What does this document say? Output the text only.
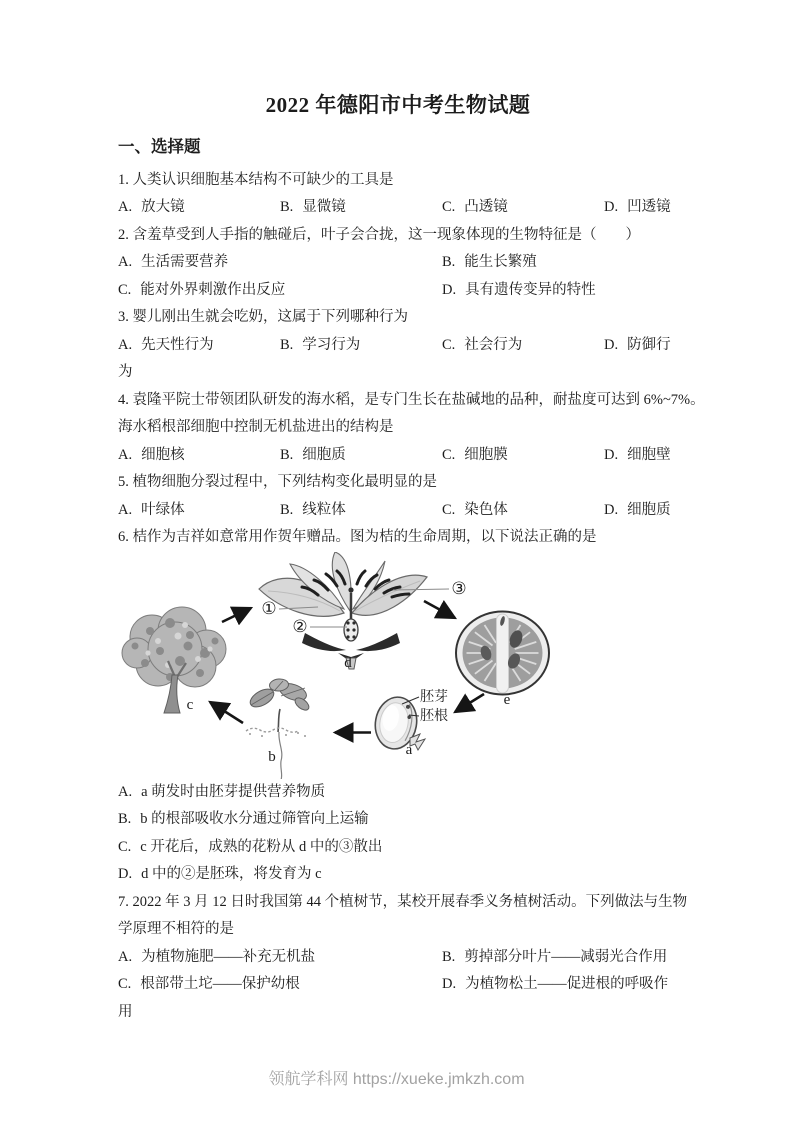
2022 年德阳市中考生物试题
一、选择题
1. 人类认识细胞基本结构不可缺少的工具是
A. 放大镜	B. 显微镜	C. 凸透镜	D. 凹透镜
2. 含羞草受到人手指的触碰后，叶子会合拢，这一现象体现的生物特征是（　　）
A. 生活需要营养	B. 能生长繁殖
C. 能对外界刺激作出反应	D. 具有遗传变异的特性
3. 婴儿刚出生就会吃奶，这属于下列哪种行为
A. 先天性行为	B. 学习行为	C. 社会行为	D. 防御行
为
4. 袁隆平院士带领团队研发的海水稻，是专门生长在盐碱地的品种，耐盐度可达到 6%~7%。
海水稻根部细胞中控制无机盐进出的结构是
A. 细胞核	B. 细胞质	C. 细胞膜	D. 细胞壁
5. 植物细胞分裂过程中，下列结构变化最明显的是
A. 叶绿体	B. 线粒体	C. 染色体	D. 细胞质
6. 桔作为吉祥如意常用作贺年赠品。图为桔的生命周期，以下说法正确的是
①
②
③
c
d
e
a
b
胚芽
胚根
A. a 萌发时由胚芽提供营养物质
B. b 的根部吸收水分通过筛管向上运输
C. c 开花后，成熟的花粉从 d 中的③散出
D. d 中的②是胚珠，将发育为 c
7. 2022 年 3 月 12 日时我国第 44 个植树节，某校开展春季义务植树活动。下列做法与生物
学原理不相符的是
A. 为植物施肥——补充无机盐	B. 剪掉部分叶片——减弱光合作用
C. 根部带土坨——保护幼根	D. 为植物松土——促进根的呼吸作
用
领航学科网 https://xueke.jmkzh.com
